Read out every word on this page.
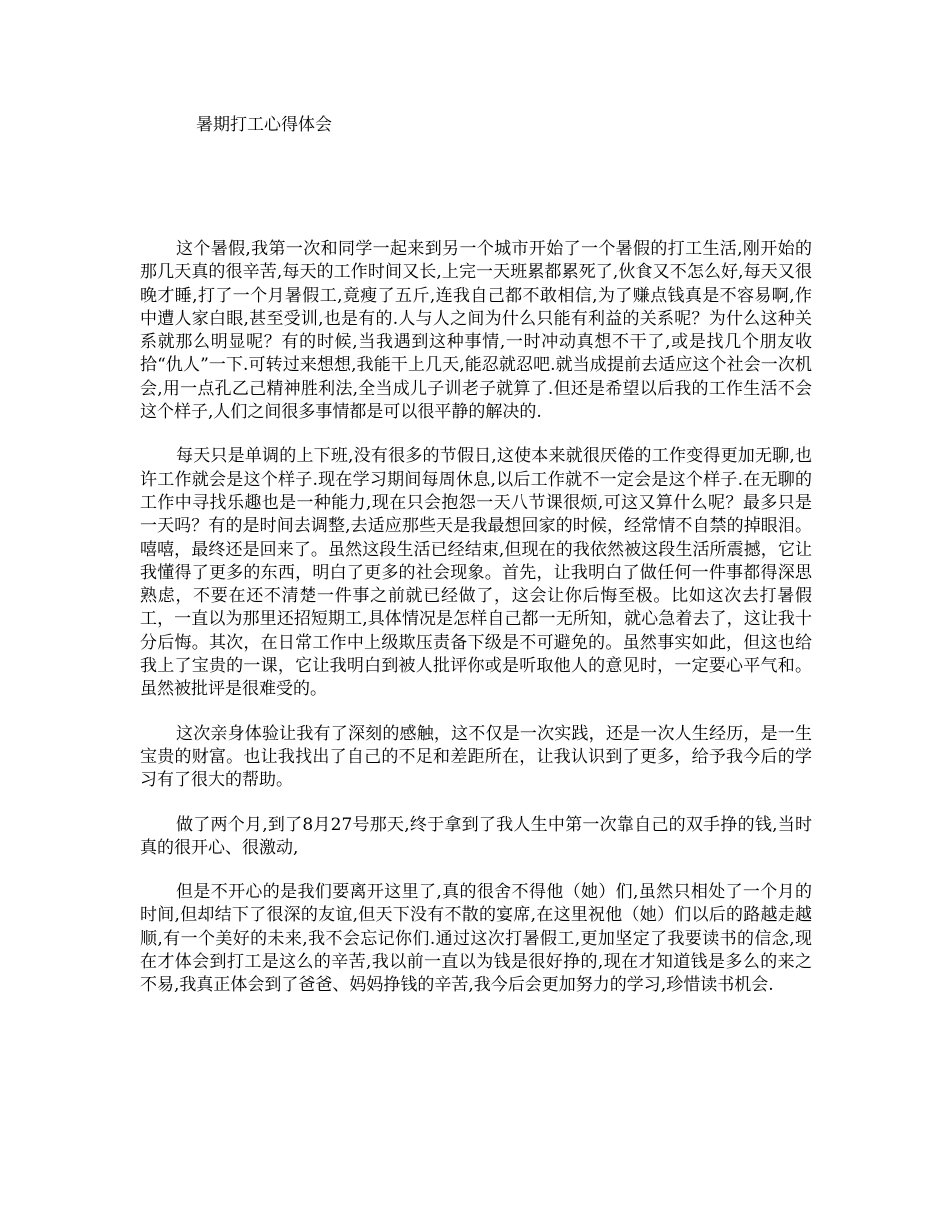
暑期打工心得体会

这个暑假,我第一次和同学一起来到另一个城市开始了一个暑假的打工生活,刚开始的那几天真的很辛苦,每天的工作时间又长,上完一天班累都累死了,伙食又不怎么好,每天又很晚才睡,打了一个月暑假工,竟瘦了五斤,连我自己都不敢相信,为了赚点钱真是不容易啊,作中遭人家白眼,甚至受训,也是有的.人与人之间为什么只能有利益的关系呢？为什么这种关系就那么明显呢？有的时候,当我遇到这种事情,一时冲动真想不干了,或是找几个朋友收拾“仇人”一下.可转过来想想,我能干上几天,能忍就忍吧.就当成提前去适应这个社会一次机会,用一点孔乙己精神胜利法,全当成儿子训老子就算了.但还是希望以后我的工作生活不会这个样子,人们之间很多事情都是可以很平静的解决的.

每天只是单调的上下班,没有很多的节假日,这使本来就很厌倦的工作变得更加无聊,也许工作就会是这个样子.现在学习期间每周休息,以后工作就不一定会是这个样子.在无聊的工作中寻找乐趣也是一种能力,现在只会抱怨一天八节课很烦,可这又算什么呢？最多只是一天吗？有的是时间去调整,去适应那些天是我最想回家的时候，经常情不自禁的掉眼泪。嘻嘻，最终还是回来了。虽然这段生活已经结束,但现在的我依然被这段生活所震撼，它让我懂得了更多的东西，明白了更多的社会现象。首先，让我明白了做任何一件事都得深思熟虑，不要在还不清楚一件事之前就已经做了，这会让你后悔至极。比如这次去打暑假工，一直以为那里还招短期工,具体情况是怎样自己都一无所知，就心急着去了，这让我十分后悔。其次，在日常工作中上级欺压责备下级是不可避免的。虽然事实如此，但这也给我上了宝贵的一课，它让我明白到被人批评你或是听取他人的意见时，一定要心平气和。虽然被批评是很难受的。

这次亲身体验让我有了深刻的感触，这不仅是一次实践，还是一次人生经历，是一生宝贵的财富。也让我找出了自己的不足和差距所在，让我认识到了更多，给予我今后的学习有了很大的帮助。

做了两个月,到了8月27号那天,终于拿到了我人生中第一次靠自己的双手挣的钱,当时真的很开心、很激动,

但是不开心的是我们要离开这里了,真的很舍不得他（她）们,虽然只相处了一个月的时间,但却结下了很深的友谊,但天下没有不散的宴席,在这里祝他（她）们以后的路越走越顺,有一个美好的未来,我不会忘记你们.通过这次打暑假工,更加坚定了我要读书的信念,现在才体会到打工是这么的辛苦,我以前一直以为钱是很好挣的,现在才知道钱是多么的来之不易,我真正体会到了爸爸、妈妈挣钱的辛苦,我今后会更加努力的学习,珍惜读书机会.
